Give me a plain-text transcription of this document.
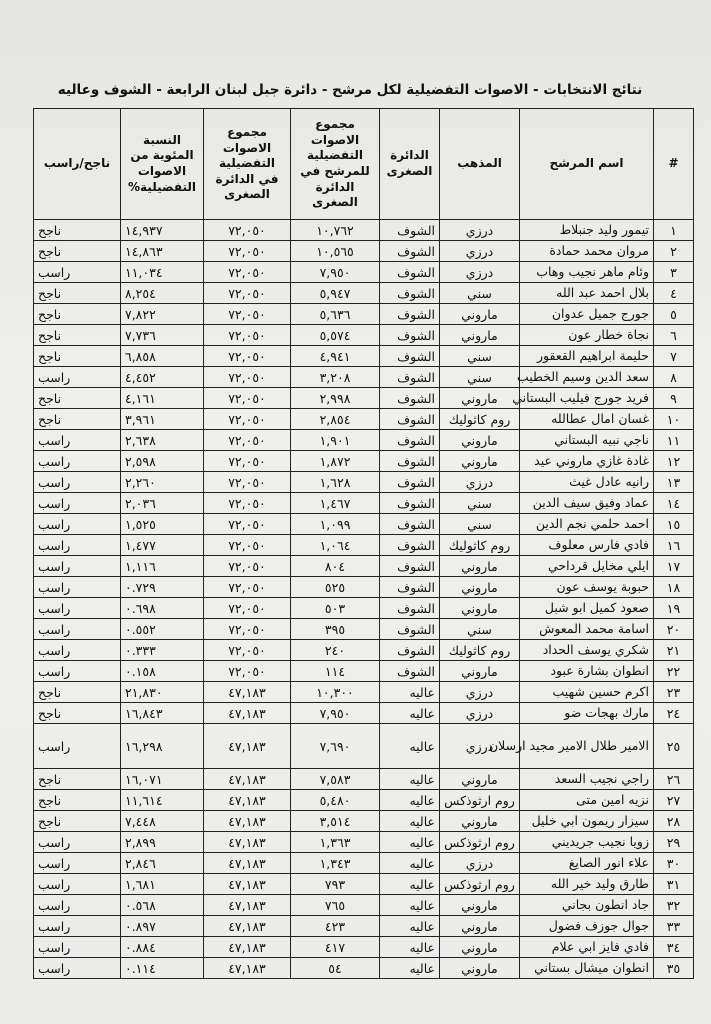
نتائج الانتخابات - الاصوات التفضيلية لكل مرشح - دائرة جبل لبنان الرابعة - الشوف وعاليه
#	اسم المرشح	المذهب	الدائرة الصغرى	مجموع الاصوات التفضيلية للمرشح في الدائرة الصغرى	مجموع الاصوات التفضيلية في الدائرة الصغرى	النسبة المئوية من الاصوات التفضيلية%	ناجح/راسب
١	تيمور وليد جنبلاط	درزي	الشوف	١٠,٧٦٢	٧٢,٠٥٠	١٤,٩٣٧	ناجح
٢	مروان محمد حمادة	درزي	الشوف	١٠,٥٦٥	٧٢,٠٥٠	١٤,٨٦٣	ناجح
٣	وئام ماهر نجيب وهاب	درزي	الشوف	٧,٩٥٠	٧٢,٠٥٠	١١,٠٣٤	راسب
٤	بلال احمد عبد الله	سني	الشوف	٥,٩٤٧	٧٢,٠٥٠	٨,٢٥٤	ناجح
٥	جورج جميل عدوان	ماروني	الشوف	٥,٦٣٦	٧٢,٠٥٠	٧,٨٢٢	ناجح
٦	نجاة خطار عون	ماروني	الشوف	٥,٥٧٤	٧٢,٠٥٠	٧,٧٣٦	ناجح
٧	حليمة ابراهيم القعقور	سني	الشوف	٤,٩٤١	٧٢,٠٥٠	٦,٨٥٨	ناجح
٨	سعد الدين وسيم الخطيب	سني	الشوف	٣,٢٠٨	٧٢,٠٥٠	٤,٤٥٢	راسب
٩	فريد جورج فيليب البستاني	ماروني	الشوف	٢,٩٩٨	٧٢,٠٥٠	٤,١٦١	ناجح
١٠	غسان امال عطالله	روم كاثوليك	الشوف	٢,٨٥٤	٧٢,٠٥٠	٣,٩٦١	ناجح
١١	ناجي نبيه البستاني	ماروني	الشوف	١,٩٠١	٧٢,٠٥٠	٢,٦٣٨	راسب
١٢	غادة غازي ماروني عيد	ماروني	الشوف	١,٨٧٢	٧٢,٠٥٠	٢,٥٩٨	راسب
١٣	رانيه عادل غيث	درزي	الشوف	١,٦٢٨	٧٢,٠٥٠	٢,٢٦٠	راسب
١٤	عماد وفيق سيف الدين	سني	الشوف	١,٤٦٧	٧٢,٠٥٠	٢,٠٣٦	راسب
١٥	احمد حلمي نجم الدين	سني	الشوف	١,٠٩٩	٧٢,٠٥٠	١,٥٢٥	راسب
١٦	فادي فارس معلوف	روم كاثوليك	الشوف	١,٠٦٤	٧٢,٠٥٠	١,٤٧٧	راسب
١٧	ايلي مخايل قرداحي	ماروني	الشوف	٨٠٤	٧٢,٠٥٠	١,١١٦	راسب
١٨	حبوبة يوسف عون	ماروني	الشوف	٥٢٥	٧٢,٠٥٠	٠.٧٢٩	راسب
١٩	صعود كميل ابو شبل	ماروني	الشوف	٥٠٣	٧٢,٠٥٠	٠.٦٩٨	راسب
٢٠	اسامة محمد المعوش	سني	الشوف	٣٩٥	٧٢,٠٥٠	٠.٥٥٢	راسب
٢١	شكري يوسف الحداد	روم كاثوليك	الشوف	٢٤٠	٧٢,٠٥٠	٠.٣٣٣	راسب
٢٢	انطوان بشارة عبود	ماروني	الشوف	١١٤	٧٢,٠٥٠	٠.١٥٨	راسب
٢٣	اكرم حسين شهيب	درزي	عاليه	١٠,٣٠٠	٤٧,١٨٣	٢١,٨٣٠	ناجح
٢٤	مارك بهجات ضو	درزي	عاليه	٧,٩٥٠	٤٧,١٨٣	١٦,٨٤٣	ناجح
٢٥	الامير طلال الامير مجيد ارسلان	درزي	عاليه	٧,٦٩٠	٤٧,١٨٣	١٦,٢٩٨	راسب
٢٦	راجي نجيب السعد	ماروني	عاليه	٧,٥٨٣	٤٧,١٨٣	١٦,٠٧١	ناجح
٢٧	نزيه امين متى	روم ارثوذكس	عاليه	٥,٤٨٠	٤٧,١٨٣	١١,٦١٤	ناجح
٢٨	سيزار ريمون ابي خليل	ماروني	عاليه	٣,٥١٤	٤٧,١٨٣	٧,٤٤٨	ناجح
٢٩	زويا نجيب جريديني	روم ارثوذكس	عاليه	١,٣٦٣	٤٧,١٨٣	٢,٨٩٩	راسب
٣٠	علاء انور الصايغ	درزي	عاليه	١,٣٤٣	٤٧,١٨٣	٢,٨٤٦	راسب
٣١	طارق وليد خير الله	روم ارثوذكس	عاليه	٧٩٣	٤٧,١٨٣	١,٦٨١	راسب
٣٢	جاد انطون بجاني	ماروني	عاليه	٧٦٥	٤٧,١٨٣	٠.٥٦٨	راسب
٣٣	جوال جوزف فضول	ماروني	عاليه	٤٢٣	٤٧,١٨٣	٠.٨٩٧	راسب
٣٤	فادي فايز ابي علام	ماروني	عاليه	٤١٧	٤٧,١٨٣	٠.٨٨٤	راسب
٣٥	انطوان ميشال بستاني	ماروني	عاليه	٥٤	٤٧,١٨٣	٠.١١٤	راسب
